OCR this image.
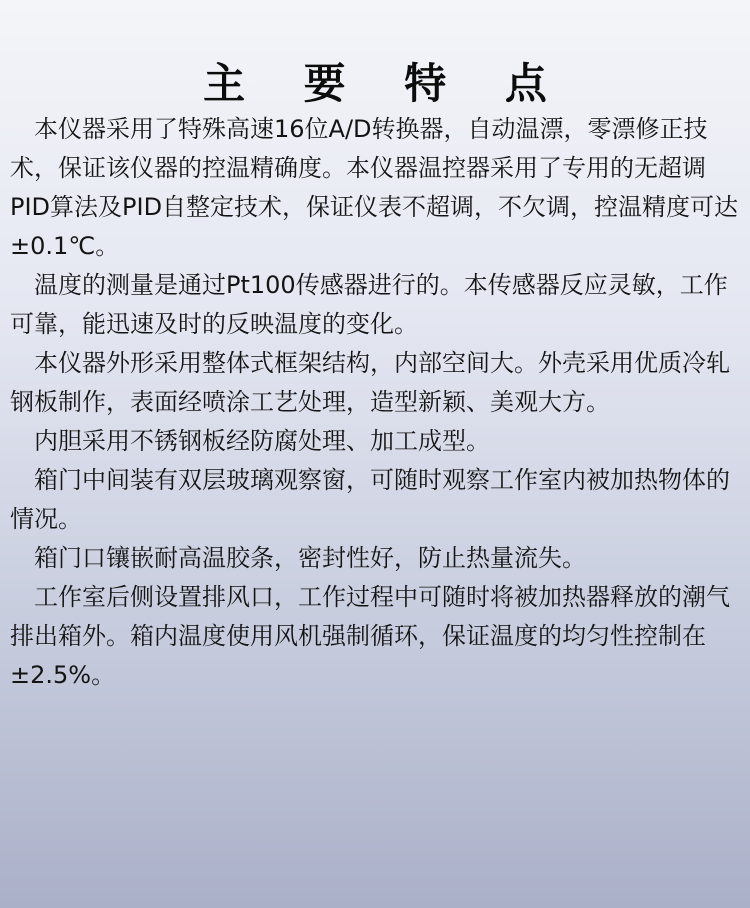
主 要 特 点

本仪器采用了特殊高速16位A/D转换器，自动温漂，零漂修正技术，保证该仪器的控温精确度。本仪器温控器采用了专用的无超调PID算法及PID自整定技术，保证仪表不超调，不欠调，控温精度可达±0.1℃。

温度的测量是通过Pt100传感器进行的。本传感器反应灵敏，工作可靠，能迅速及时的反映温度的变化。

本仪器外形采用整体式框架结构，内部空间大。外壳采用优质冷轧钢板制作，表面经喷涂工艺处理，造型新颖、美观大方。

内胆采用不锈钢板经防腐处理、加工成型。

箱门中间装有双层玻璃观察窗，可随时观察工作室内被加热物体的情况。

箱门口镶嵌耐高温胶条，密封性好，防止热量流失。

工作室后侧设置排风口，工作过程中可随时将被加热器释放的潮气排出箱外。箱内温度使用风机强制循环，保证温度的均匀性控制在±2.5%。
